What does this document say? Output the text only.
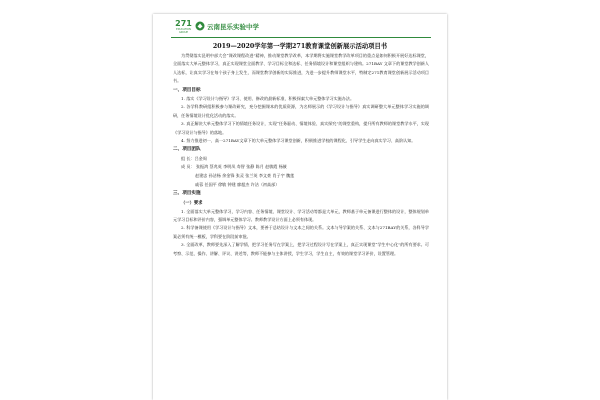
271
EDUCATION GROUP
云南昆乐实验中学

2019—2020学年第一学期271教育课堂创新展示活动项目书

为贯彻落实昆明中部大会“课改课程改进”精神，推动课堂教学改革，本学期将实施课堂教学改革项目的重点是如何积极开展好达标课堂，全面落实大单元整体学习，真正实现课堂全面教学、学习目标全和达标、任务情境设计和课堂组织与建构。271BAY 文章下的课堂教学创新人人达标，让真实学习在每个孩子身上发生，而课堂教学创新的实际推进，为进一步提升教师课堂水平，特制定271教育课堂创新展示活动项目书。

一、项目目标

1. 落实《学习设计与指导》学习、使用、修改的最新标准，积极探索大单元整体学习实施办法。

2. 各学科教研组积极参与课改研究，充分挖掘课本的优质资源，为名师展示的《学习设计与指导》真实调研整大单元整体学习实施的调研，任务情境设计优化活动的落实。

3. 真正解决大单元整体学习下的情境任务设计，实现“任务驱动、情境体验、真实探究”的课堂重构，提升所有教师的课堂教学水平，实现《学习设计与指导》的落地。

4. 努力推进初一、高一271BAY文章下的大单元整体学习课堂创新，积极推进学校的课程化、引导学生走向真实学习、高阶认知。

二、项目团队

组 长：吕金周

成 员： 张振鸿 蔡兆英 李明凤 寿智 张静 陈月 赵敏霞 杨筱

赵建忠 孙洁杨 余金锋 张灵 张兰英 李文豪 肖子宇 魏莲

戚蓉 任国平 徐敏 钟建 廖超杰 许洁（初高部）

三、项目实施

（一）要求

1. 全面落实大单元整体学习，学习内容、任务情境、课堂设计、学习活动等都是大单元，教师基于单元备课进行整体的设计，整体规划单元学习目标和评价内容，强调单元整体学习。教师教学设计方面上必须有体现。

2. 科学备课使用《学习设计与指导》文本，要善于总结设计与文本之间的关系。文本与导学案的关系、文本与271BAY的关系，各科导学案必须有统一模板，学科要在阶段前审批。

3. 全面改革，教师要先深入了解学情，把学习任务写在学案上，把学习过程设计写在学案上，真正实现课堂“学生中心化”的所有要求。可考察、示范、操作、讲解、评议、讲述等，教师不能参与主体讲授，学生学习，学生自主，有效的课堂学习评价，设置管理。
